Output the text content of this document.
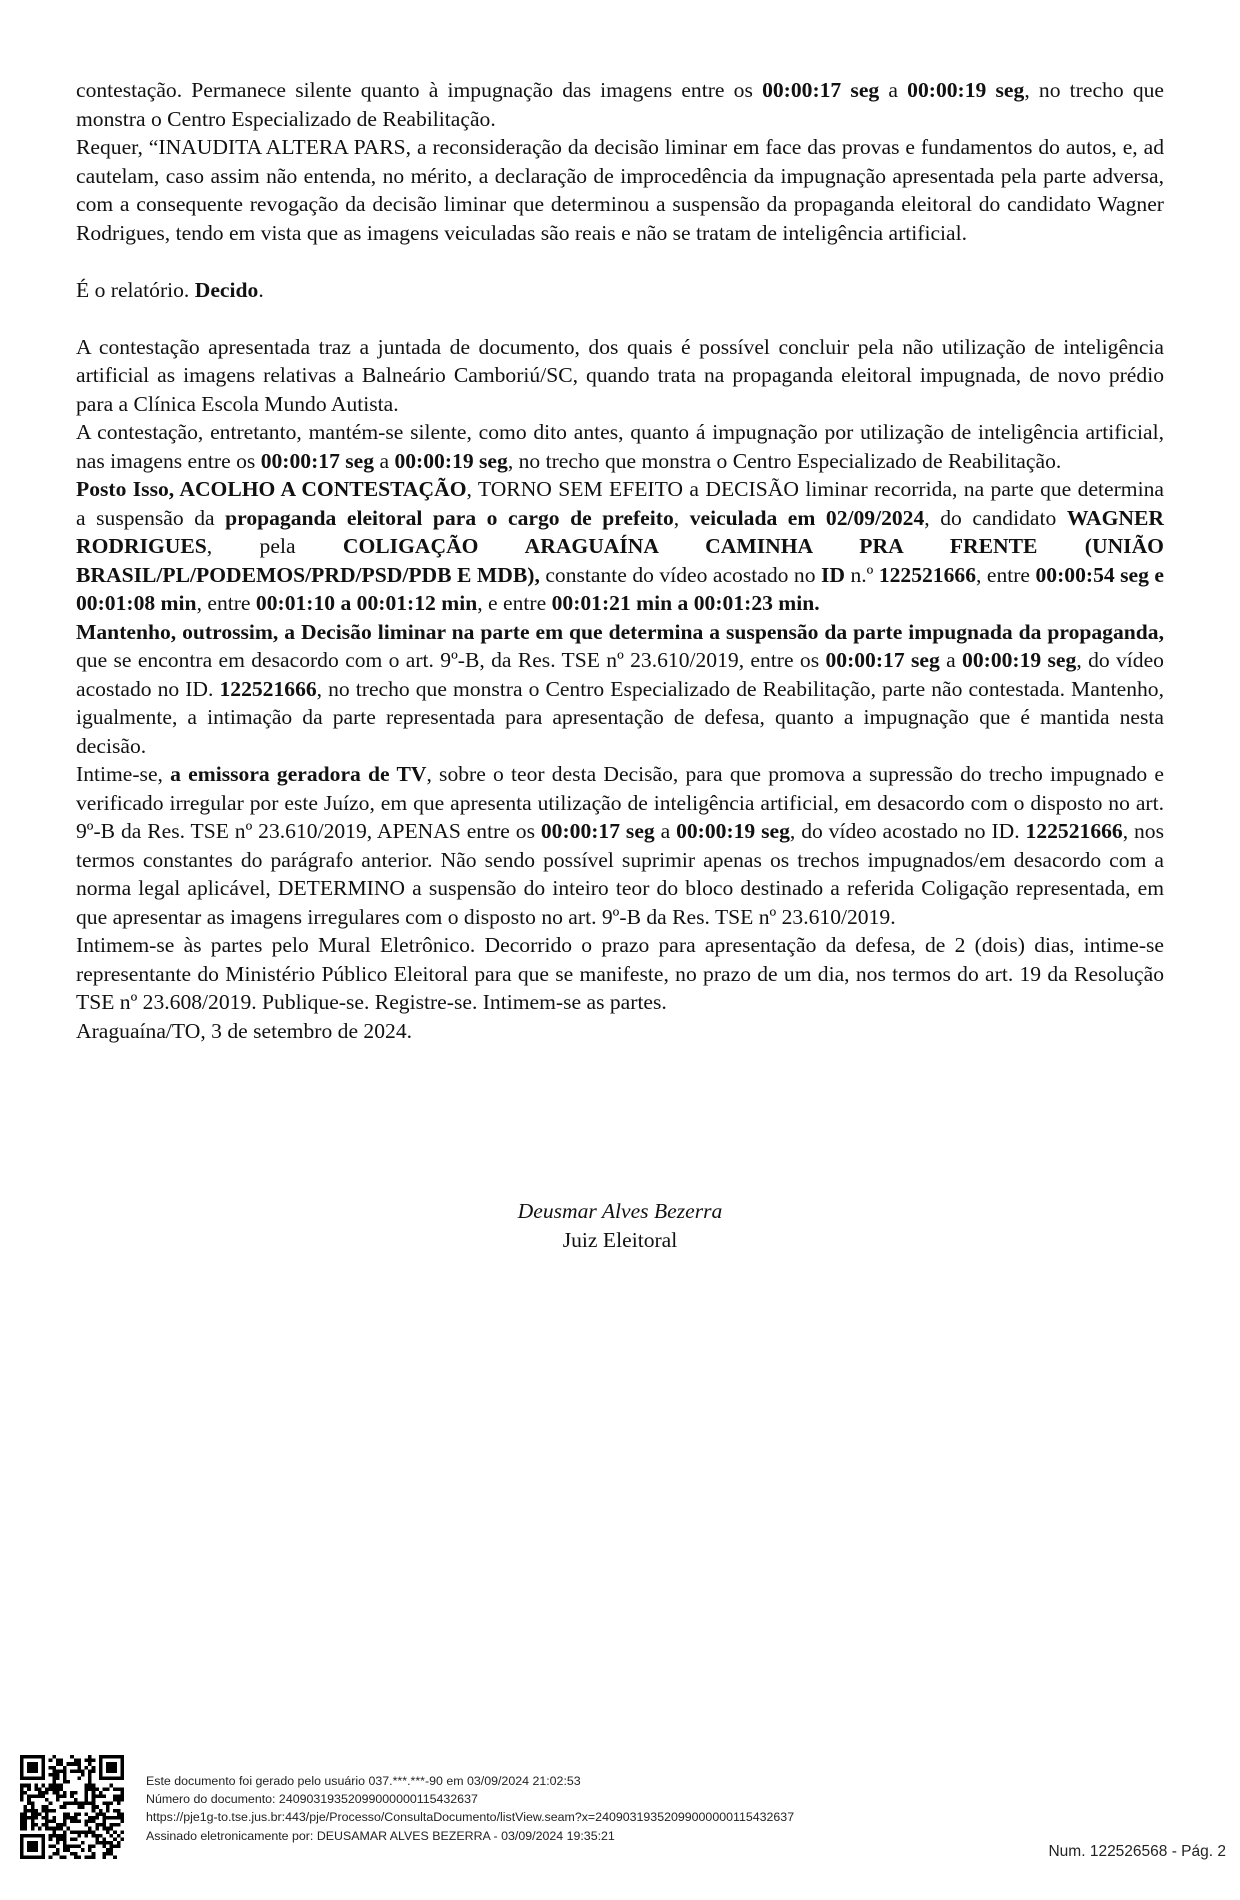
contestação. Permanece silente quanto à impugnação das imagens entre os 00:00:17 seg a 00:00:19 seg, no trecho que monstra o Centro Especializado de Reabilitação.

Requer, “INAUDITA ALTERA PARS, a reconsideração da decisão liminar em face das provas e fundamentos do autos, e, ad cautelam, caso assim não entenda, no mérito, a declaração de improcedência da impugnação apresentada pela parte adversa, com a consequente revogação da decisão liminar que determinou a suspensão da propaganda eleitoral do candidato Wagner Rodrigues, tendo em vista que as imagens veiculadas são reais e não se tratam de inteligência artificial.

É o relatório. Decido.

A contestação apresentada traz a juntada de documento, dos quais é possível concluir pela não utilização de inteligência artificial as imagens relativas a Balneário Camboriú/SC, quando trata na propaganda eleitoral impugnada, de novo prédio para a Clínica Escola Mundo Autista.

A contestação, entretanto, mantém-se silente, como dito antes, quanto á impugnação por utilização de inteligência artificial, nas imagens entre os 00:00:17 seg a 00:00:19 seg, no trecho que monstra o Centro Especializado de Reabilitação.

Posto Isso, ACOLHO A CONTESTAÇÃO, TORNO SEM EFEITO a DECISÃO liminar recorrida, na parte que determina a suspensão da propaganda eleitoral para o cargo de prefeito, veiculada em 02/09/2024, do candidato WAGNER RODRIGUES, pela COLIGAÇÃO ARAGUAÍNA CAMINHA PRA FRENTE (UNIÃO BRASIL/PL/PODEMOS/PRD/PSD/PDB E MDB), constante do vídeo acostado no ID n.º 122521666, entre 00:00:54 seg e 00:01:08 min, entre 00:01:10 a 00:01:12 min, e entre 00:01:21 min a 00:01:23 min.

Mantenho, outrossim, a Decisão liminar na parte em que determina a suspensão da parte impugnada da propaganda, que se encontra em desacordo com o art. 9º-B, da Res. TSE nº 23.610/2019, entre os 00:00:17 seg a 00:00:19 seg, do vídeo acostado no ID. 122521666, no trecho que monstra o Centro Especializado de Reabilitação, parte não contestada. Mantenho, igualmente, a intimação da parte representada para apresentação de defesa, quanto a impugnação que é mantida nesta decisão.

Intime-se, a emissora geradora de TV, sobre o teor desta Decisão, para que promova a supressão do trecho impugnado e verificado irregular por este Juízo, em que apresenta utilização de inteligência artificial, em desacordo com o disposto no art. 9º-B da Res. TSE nº 23.610/2019, APENAS entre os 00:00:17 seg a 00:00:19 seg, do vídeo acostado no ID. 122521666, nos termos constantes do parágrafo anterior. Não sendo possível suprimir apenas os trechos impugnados/em desacordo com a norma legal aplicável, DETERMINO a suspensão do inteiro teor do bloco destinado a referida Coligação representada, em que apresentar as imagens irregulares com o disposto no art. 9º-B da Res. TSE nº 23.610/2019.

Intimem-se às partes pelo Mural Eletrônico. Decorrido o prazo para apresentação da defesa, de 2 (dois) dias, intime-se representante do Ministério Público Eleitoral para que se manifeste, no prazo de um dia, nos termos do art. 19 da Resolução TSE nº 23.608/2019. Publique-se. Registre-se. Intimem-se as partes.

Araguaína/TO, 3 de setembro de 2024.

Deusmar Alves Bezerra
Juiz Eleitoral
Este documento foi gerado pelo usuário 037.***.***-90 em 03/09/2024 21:02:53
Número do documento: 24090319352099000000115432637
https://pje1g-to.tse.jus.br:443/pje/Processo/ConsultaDocumento/listView.seam?x=24090319352099000000115432637
Assinado eletronicamente por: DEUSAMAR ALVES BEZERRA - 03/09/2024 19:35:21
Num. 122526568 - Pág. 2
